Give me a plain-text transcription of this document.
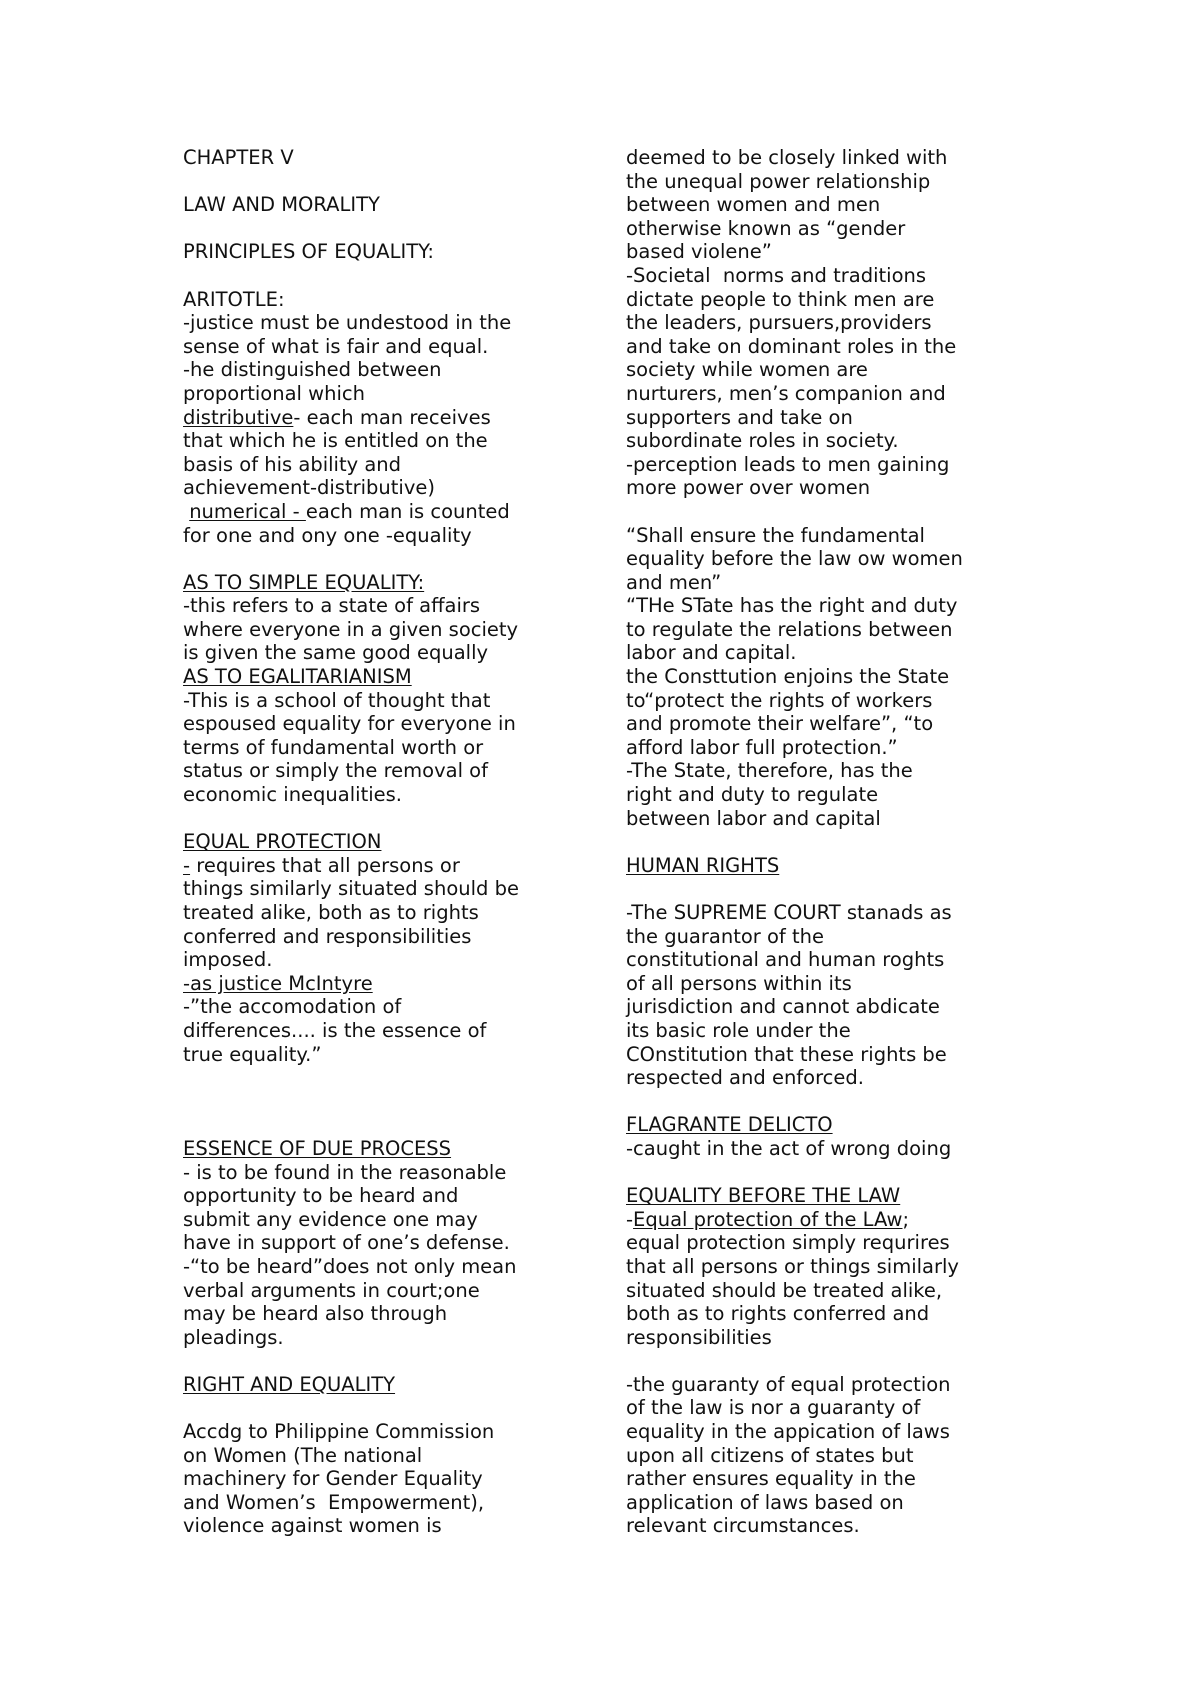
CHAPTER V
LAW AND MORALITY
PRINCIPLES OF EQUALITY:
ARITOTLE:
-justice must be undestood in the
sense of what is fair and equal.
-he distinguished between
proportional which
distributive- each man receives
that which he is entitled on the
basis of his ability and
achievement-distributive)
numerical - each man is counted
for one and ony one -equality
AS TO SIMPLE EQUALITY:
-this refers to a state of affairs
where everyone in a given society
is given the same good equally
AS TO EGALITARIANISM
-This is a school of thought that
espoused equality for everyone in
terms of fundamental worth or
status or simply the removal of
economic inequalities.
EQUAL PROTECTION
- requires that all persons or
things similarly situated should be
treated alike, both as to rights
conferred and responsibilities
imposed.
-as justice McIntyre
-”the accomodation of
differences.... is the essence of
true equality.”
ESSENCE OF DUE PROCESS
- is to be found in the reasonable
opportunity to be heard and
submit any evidence one may
have in support of one’s defense.
-“to be heard”does not only mean
verbal arguments in court;one
may be heard also through
pleadings.
RIGHT AND EQUALITY
Accdg to Philippine Commission
on Women (The national
machinery for Gender Equality
and Women’s  Empowerment),
violence against women is
deemed to be closely linked with
the unequal power relationship
between women and men
otherwise known as “gender
based violene”
-Societal  norms and traditions
dictate people to think men are
the leaders, pursuers,providers
and take on dominant roles in the
society while women are
nurturers, men’s companion and
supporters and take on
subordinate roles in society.
-perception leads to men gaining
more power over women
“Shall ensure the fundamental
equality before the law ow women
and men”
“THe STate has the right and duty
to regulate the relations between
labor and capital.
the Consttution enjoins the State
to“protect the rights of workers
and promote their welfare”, “to
afford labor full protection.”
-The State, therefore, has the
right and duty to regulate
between labor and capital
HUMAN RIGHTS
-The SUPREME COURT stanads as
the guarantor of the
constitutional and human roghts
of all persons within its
jurisdiction and cannot abdicate
its basic role under the
COnstitution that these rights be
respected and enforced.
FLAGRANTE DELICTO
-caught in the act of wrong doing
EQUALITY BEFORE THE LAW
-Equal protection of the LAw;
equal protection simply requrires
that all persons or things similarly
situated should be treated alike,
both as to rights conferred and
responsibilities
-the guaranty of equal protection
of the law is nor a guaranty of
equality in the appication of laws
upon all citizens of states but
rather ensures equality in the
application of laws based on
relevant circumstances.
